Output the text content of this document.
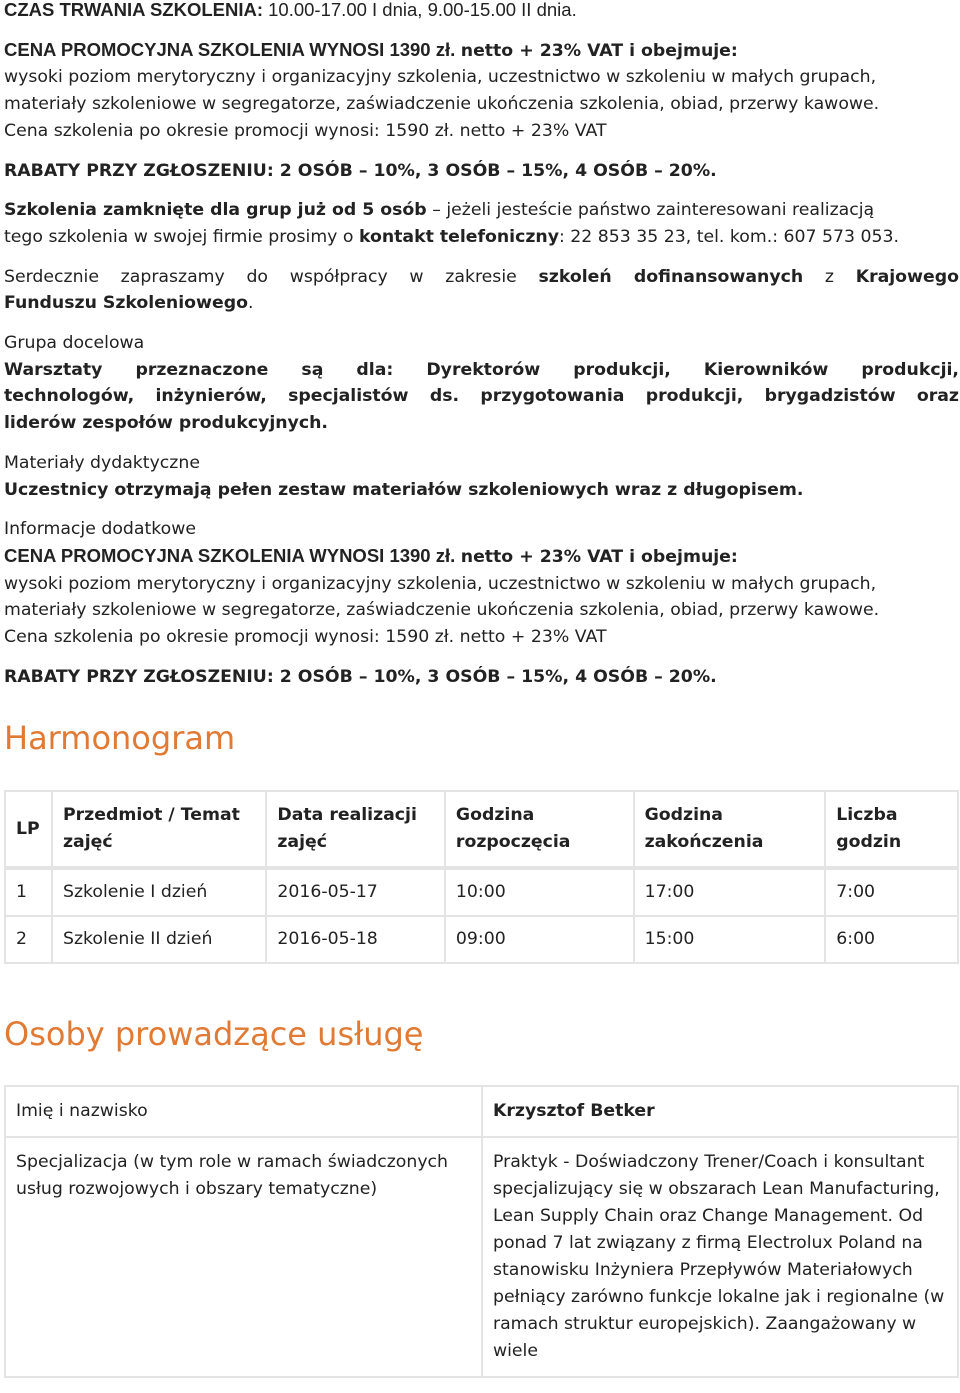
CZAS TRWANIA SZKOLENIA: 10.00-17.00 I dnia, 9.00-15.00 II dnia.

CENA PROMOCYJNA SZKOLENIA WYNOSI 1390 zł. netto + 23% VAT i obejmuje:

wysoki poziom merytoryczny i organizacyjny szkolenia, uczestnictwo w szkoleniu w małych grupach,

materiały szkoleniowe w segregatorze, zaświadczenie ukończenia szkolenia, obiad, przerwy kawowe.

Cena szkolenia po okresie promocji wynosi: 1590 zł. netto + 23% VAT

RABATY PRZY ZGŁOSZENIU: 2 OSÓB – 10%, 3 OSÓB – 15%, 4 OSÓB – 20%.

Szkolenia zamknięte dla grup już od 5 osób – jeżeli jesteście państwo zainteresowani realizacją

tego szkolenia w swojej firmie prosimy o kontakt telefoniczny: 22 853 35 23, tel. kom.: 607 573 053.

Serdecznie zapraszamy do współpracy w zakresie szkoleń dofinansowanych z Krajowego

Funduszu Szkoleniowego.

Grupa docelowa

Warsztaty przeznaczone są dla: Dyrektorów produkcji, Kierowników produkcji,

technologów, inżynierów, specjalistów ds. przygotowania produkcji, brygadzistów oraz

liderów zespołów produkcyjnych.

Materiały dydaktyczne

Uczestnicy otrzymają pełen zestaw materiałów szkoleniowych wraz z długopisem.

Informacje dodatkowe

CENA PROMOCYJNA SZKOLENIA WYNOSI 1390 zł. netto + 23% VAT i obejmuje:

wysoki poziom merytoryczny i organizacyjny szkolenia, uczestnictwo w szkoleniu w małych grupach,

materiały szkoleniowe w segregatorze, zaświadczenie ukończenia szkolenia, obiad, przerwy kawowe.

Cena szkolenia po okresie promocji wynosi: 1590 zł. netto + 23% VAT

RABATY PRZY ZGŁOSZENIU: 2 OSÓB – 10%, 3 OSÓB – 15%, 4 OSÓB – 20%.

Harmonogram
LP	Przedmiot / Temat zajęć	Data realizacji zajęć	Godzina rozpoczęcia	Godzina zakończenia	Liczba godzin
1	Szkolenie I dzień	2016-05-17	10:00	17:00	7:00
2	Szkolenie II dzień	2016-05-18	09:00	15:00	6:00
Osoby prowadzące usługę
Imię i nazwisko	Krzysztof Betker
Specjalizacja (w tym role w ramach świadczonych usług rozwojowych i obszary tematyczne)	Praktyk - Doświadczony Trener/Coach i konsultant specjalizujący się w obszarach Lean Manufacturing, Lean Supply Chain oraz Change Management. Od ponad 7 lat związany z firmą Electrolux Poland na stanowisku Inżyniera Przepływów Materiałowych pełniący zarówno funkcje lokalne jak i regionalne (w ramach struktur europejskich). Zaangażowany w wiele
